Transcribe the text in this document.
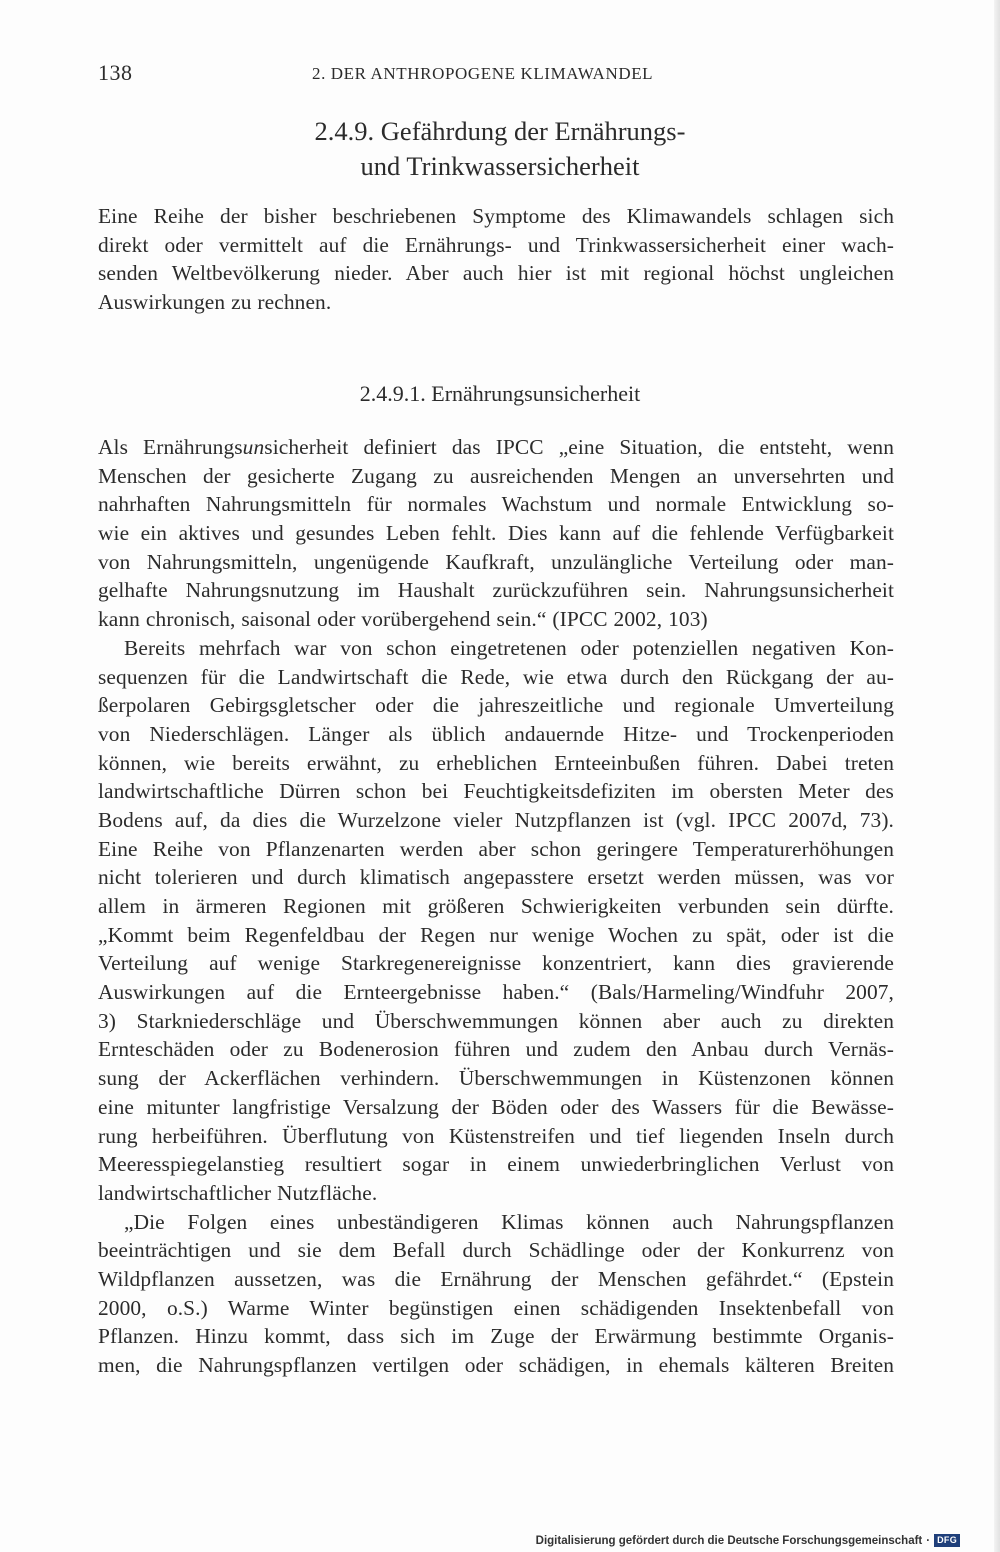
138	2. DER ANTHROPOGENE KLIMAWANDEL
2.4.9. Gefährdung der Ernährungs-
und Trinkwassersicherheit
Eine Reihe der bisher beschriebenen Symptome des Klimawandels schlagen sich
direkt oder vermittelt auf die Ernährungs- und Trinkwassersicherheit einer wach-
senden Weltbevölkerung nieder. Aber auch hier ist mit regional höchst ungleichen
Auswirkungen zu rechnen.
2.4.9.1. Ernährungsunsicherheit
Als Ernährungsunsicherheit definiert das IPCC „eine Situation, die entsteht, wenn
Menschen der gesicherte Zugang zu ausreichenden Mengen an unversehrten und
nahrhaften Nahrungsmitteln für normales Wachstum und normale Entwicklung so-
wie ein aktives und gesundes Leben fehlt. Dies kann auf die fehlende Verfügbarkeit
von Nahrungsmitteln, ungenügende Kaufkraft, unzulängliche Verteilung oder man-
gelhafte Nahrungsnutzung im Haushalt zurückzuführen sein. Nahrungsunsicherheit
kann chronisch, saisonal oder vorübergehend sein.“ (IPCC 2002, 103)
Bereits mehrfach war von schon eingetretenen oder potenziellen negativen Kon-
sequenzen für die Landwirtschaft die Rede, wie etwa durch den Rückgang der au-
ßerpolaren Gebirgsgletscher oder die jahreszeitliche und regionale Umverteilung
von Niederschlägen. Länger als üblich andauernde Hitze- und Trockenperioden
können, wie bereits erwähnt, zu erheblichen Ernteeinbußen führen. Dabei treten
landwirtschaftliche Dürren schon bei Feuchtigkeitsdefiziten im obersten Meter des
Bodens auf, da dies die Wurzelzone vieler Nutzpflanzen ist (vgl. IPCC 2007d, 73).
Eine Reihe von Pflanzenarten werden aber schon geringere Temperaturerhöhungen
nicht tolerieren und durch klimatisch angepasstere ersetzt werden müssen, was vor
allem in ärmeren Regionen mit größeren Schwierigkeiten verbunden sein dürfte.
„Kommt beim Regenfeldbau der Regen nur wenige Wochen zu spät, oder ist die
Verteilung auf wenige Starkregenereignisse konzentriert, kann dies gravierende
Auswirkungen auf die Ernteergebnisse haben.“ (Bals/Harmeling/Windfuhr 2007,
3) Starkniederschläge und Überschwemmungen können aber auch zu direkten
Ernteschäden oder zu Bodenerosion führen und zudem den Anbau durch Vernäs-
sung der Ackerflächen verhindern. Überschwemmungen in Küstenzonen können
eine mitunter langfristige Versalzung der Böden oder des Wassers für die Bewässe-
rung herbeiführen. Überflutung von Küstenstreifen und tief liegenden Inseln durch
Meeresspiegelanstieg resultiert sogar in einem unwiederbringlichen Verlust von
landwirtschaftlicher Nutzfläche.
„Die Folgen eines unbeständigeren Klimas können auch Nahrungspflanzen
beeinträchtigen und sie dem Befall durch Schädlinge oder der Konkurrenz von
Wildpflanzen aussetzen, was die Ernährung der Menschen gefährdet.“ (Epstein
2000, o.S.) Warme Winter begünstigen einen schädigenden Insektenbefall von
Pflanzen. Hinzu kommt, dass sich im Zuge der Erwärmung bestimmte Organis-
men, die Nahrungspflanzen vertilgen oder schädigen, in ehemals kälteren Breiten
Digitalisierung gefördert durch die Deutsche Forschungsgemeinschaft · DFG
